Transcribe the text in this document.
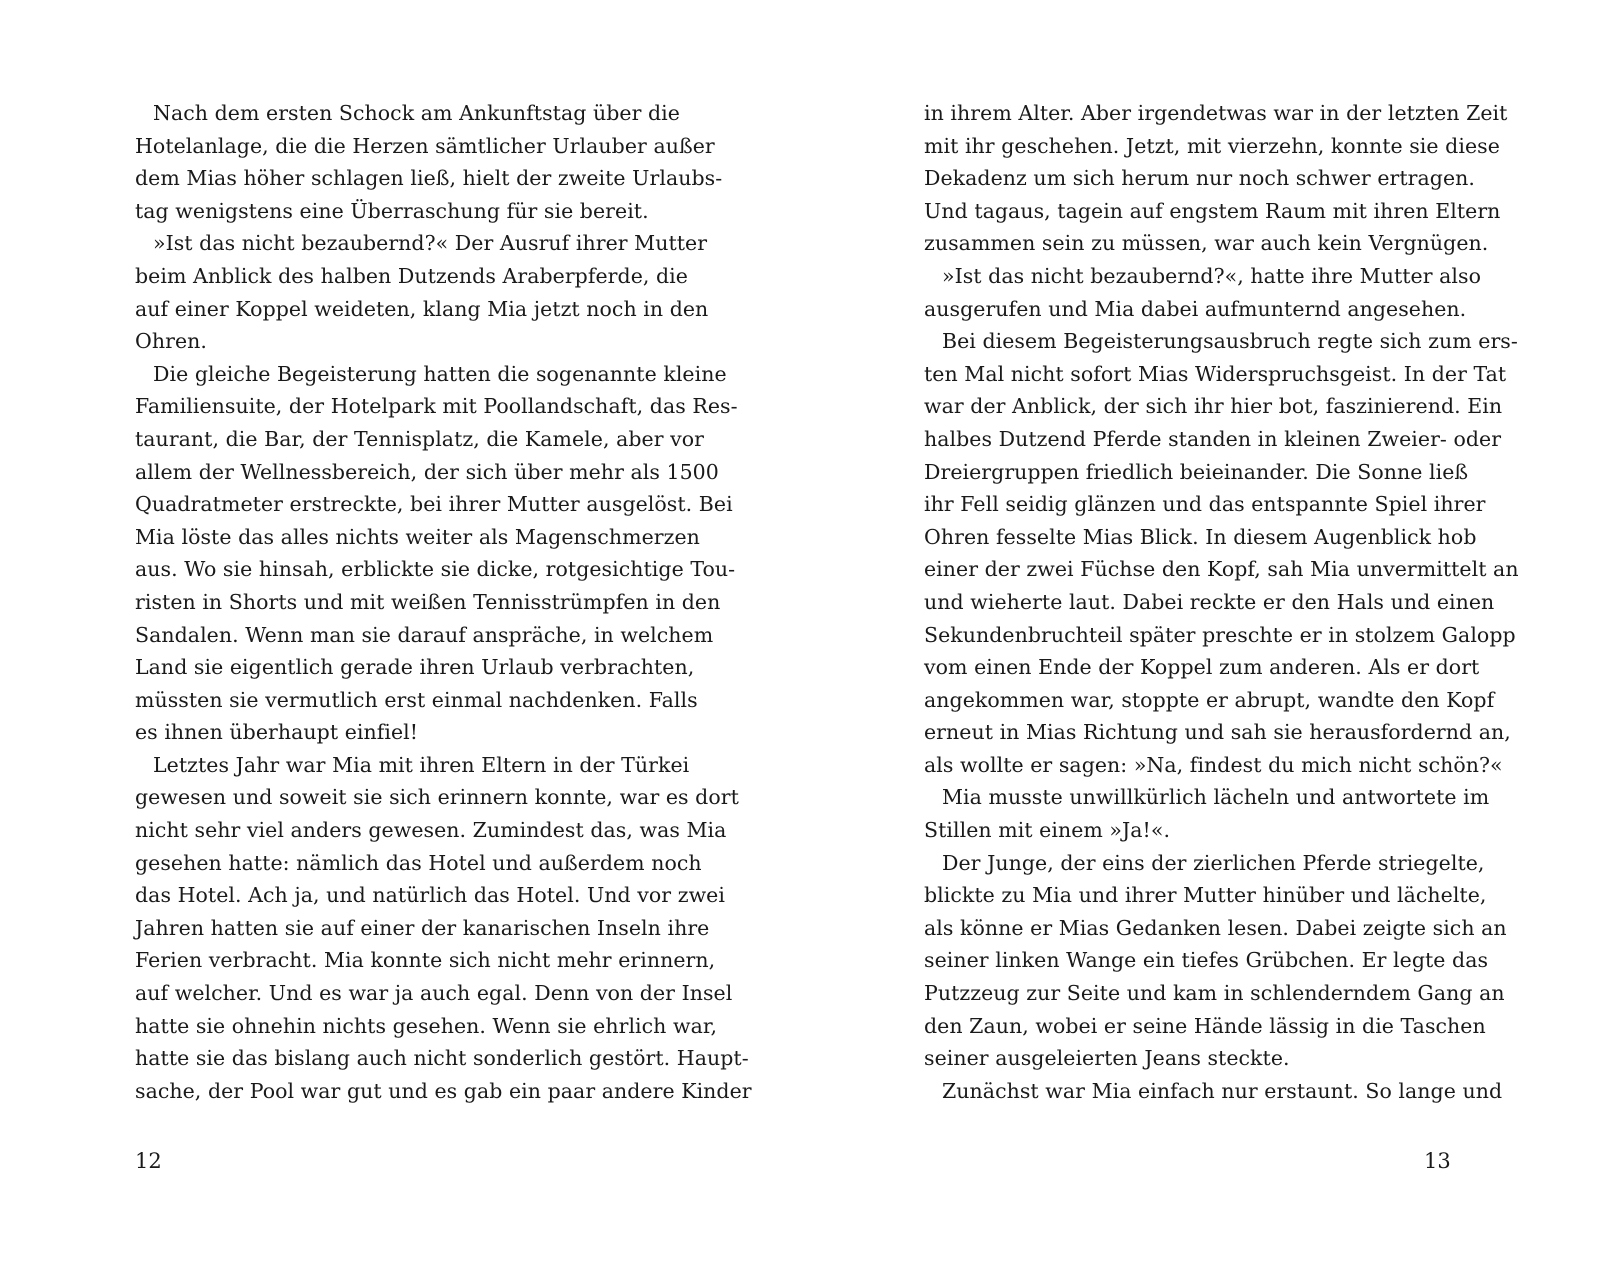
Nach dem ersten Schock am Ankunftstag über die
Hotelanlage, die die Herzen sämtlicher Urlauber außer
dem Mias höher schlagen ließ, hielt der zweite Urlaubs-
tag wenigstens eine Überraschung für sie bereit.
»Ist das nicht bezaubernd?« Der Ausruf ihrer Mutter
beim Anblick des halben Dutzends Araberpferde, die
auf einer Koppel weideten, klang Mia jetzt noch in den
Ohren.
Die gleiche Begeisterung hatten die sogenannte kleine
Familiensuite, der Hotelpark mit Poollandschaft, das Res-
taurant, die Bar, der Tennisplatz, die Kamele, aber vor
allem der Wellnessbereich, der sich über mehr als 1500
Quadratmeter erstreckte, bei ihrer Mutter ausgelöst. Bei
Mia löste das alles nichts weiter als Magenschmerzen
aus. Wo sie hinsah, erblickte sie dicke, rotgesichtige Tou-
risten in Shorts und mit weißen Tennisstrümpfen in den
Sandalen. Wenn man sie darauf anspräche, in welchem
Land sie eigentlich gerade ihren Urlaub verbrachten,
müssten sie vermutlich erst einmal nachdenken. Falls
es ihnen überhaupt einfiel!
Letztes Jahr war Mia mit ihren Eltern in der Türkei
gewesen und soweit sie sich erinnern konnte, war es dort
nicht sehr viel anders gewesen. Zumindest das, was Mia
gesehen hatte: nämlich das Hotel und außerdem noch
das Hotel. Ach ja, und natürlich das Hotel. Und vor zwei
Jahren hatten sie auf einer der kanarischen Inseln ihre
Ferien verbracht. Mia konnte sich nicht mehr erinnern,
auf welcher. Und es war ja auch egal. Denn von der Insel
hatte sie ohnehin nichts gesehen. Wenn sie ehrlich war,
hatte sie das bislang auch nicht sonderlich gestört. Haupt-
sache, der Pool war gut und es gab ein paar andere Kinder
12
in ihrem Alter. Aber irgendetwas war in der letzten Zeit
mit ihr geschehen. Jetzt, mit vierzehn, konnte sie diese
Dekadenz um sich herum nur noch schwer ertragen.
Und tagaus, tagein auf engstem Raum mit ihren Eltern
zusammen sein zu müssen, war auch kein Vergnügen.
»Ist das nicht bezaubernd?«, hatte ihre Mutter also
ausgerufen und Mia dabei aufmunternd angesehen.
Bei diesem Begeisterungsausbruch regte sich zum ers-
ten Mal nicht sofort Mias Widerspruchsgeist. In der Tat
war der Anblick, der sich ihr hier bot, faszinierend. Ein
halbes Dutzend Pferde standen in kleinen Zweier- oder
Dreiergruppen friedlich beieinander. Die Sonne ließ
ihr Fell seidig glänzen und das entspannte Spiel ihrer
Ohren fesselte Mias Blick. In diesem Augenblick hob
einer der zwei Füchse den Kopf, sah Mia unvermittelt an
und wieherte laut. Dabei reckte er den Hals und einen
Sekundenbruchteil später preschte er in stolzem Galopp
vom einen Ende der Koppel zum anderen. Als er dort
angekommen war, stoppte er abrupt, wandte den Kopf
erneut in Mias Richtung und sah sie herausfordernd an,
als wollte er sagen: »Na, findest du mich nicht schön?«
Mia musste unwillkürlich lächeln und antwortete im
Stillen mit einem »Ja!«.
Der Junge, der eins der zierlichen Pferde striegelte,
blickte zu Mia und ihrer Mutter hinüber und lächelte,
als könne er Mias Gedanken lesen. Dabei zeigte sich an
seiner linken Wange ein tiefes Grübchen. Er legte das
Putzzeug zur Seite und kam in schlenderndem Gang an
den Zaun, wobei er seine Hände lässig in die Taschen
seiner ausgeleierten Jeans steckte.
Zunächst war Mia einfach nur erstaunt. So lange und
13
